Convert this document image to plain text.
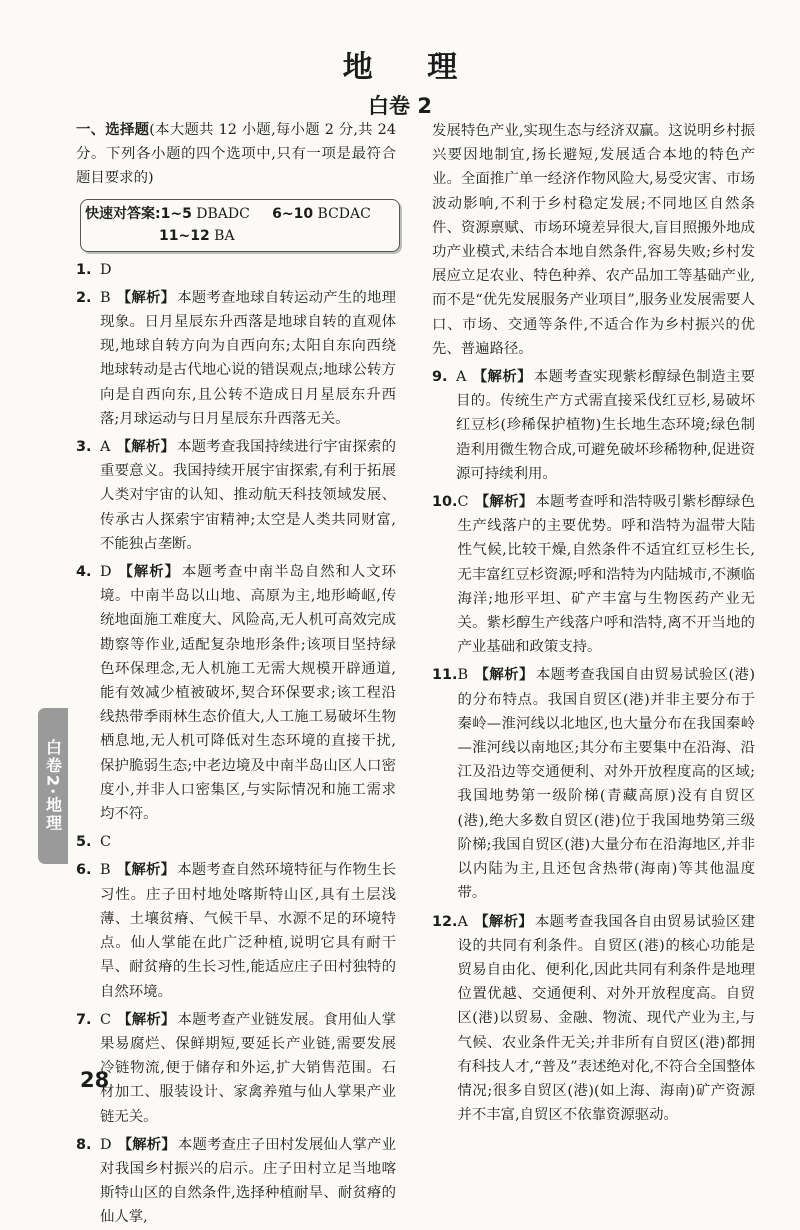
地 理
白卷 2
一、选择题(本大题共 12 小题,每小题 2 分,共 24 分。下列各小题的四个选项中,只有一项是最符合题目要求的)
快速对答案:1~5 DBADC 6~10 BCDAC
11~12 BA
1. D
2. B 【解析】 本题考查地球自转运动产生的地理现象。日月星辰东升西落是地球自转的直观体现,地球自转方向为自西向东;太阳自东向西绕地球转动是古代地心说的错误观点;地球公转方向是自西向东,且公转不造成日月星辰东升西落;月球运动与日月星辰东升西落无关。
3. A 【解析】 本题考查我国持续进行宇宙探索的重要意义。我国持续开展宇宙探索,有利于拓展人类对宇宙的认知、推动航天科技领域发展、传承古人探索宇宙精神;太空是人类共同财富,不能独占垄断。
4. D 【解析】 本题考查中南半岛自然和人文环境。中南半岛以山地、高原为主,地形崎岖,传统地面施工难度大、风险高,无人机可高效完成勘察等作业,适配复杂地形条件;该项目坚持绿色环保理念,无人机施工无需大规模开辟通道,能有效减少植被破坏,契合环保要求;该工程沿线热带季雨林生态价值大,人工施工易破坏生物栖息地,无人机可降低对生态环境的直接干扰,保护脆弱生态;中老边境及中南半岛山区人口密度小,并非人口密集区,与实际情况和施工需求均不符。
5. C
6. B 【解析】 本题考查自然环境特征与作物生长习性。庄子田村地处喀斯特山区,具有土层浅薄、土壤贫瘠、气候干旱、水源不足的环境特点。仙人掌能在此广泛种植,说明它具有耐干旱、耐贫瘠的生长习性,能适应庄子田村独特的自然环境。
7. C 【解析】 本题考查产业链发展。食用仙人掌果易腐烂、保鲜期短,要延长产业链,需要发展冷链物流,便于储存和外运,扩大销售范围。石材加工、服装设计、家禽养殖与仙人掌果产业链无关。
8. D 【解析】 本题考查庄子田村发展仙人掌产业对我国乡村振兴的启示。庄子田村立足当地喀斯特山区的自然条件,选择种植耐旱、耐贫瘠的仙人掌,
发展特色产业,实现生态与经济双赢。这说明乡村振兴要因地制宜,扬长避短,发展适合本地的特色产业。全面推广单一经济作物风险大,易受灾害、市场波动影响,不利于乡村稳定发展;不同地区自然条件、资源禀赋、市场环境差异很大,盲目照搬外地成功产业模式,未结合本地自然条件,容易失败;乡村发展应立足农业、特色种养、农产品加工等基础产业,而不是“优先发展服务产业项目”,服务业发展需要人口、市场、交通等条件,不适合作为乡村振兴的优先、普遍路径。
9. A 【解析】 本题考查实现紫杉醇绿色制造主要目的。传统生产方式需直接采伐红豆杉,易破坏红豆杉(珍稀保护植物)生长地生态环境;绿色制造利用微生物合成,可避免破坏珍稀物种,促进资源可持续利用。
10. C 【解析】 本题考查呼和浩特吸引紫杉醇绿色生产线落户的主要优势。呼和浩特为温带大陆性气候,比较干燥,自然条件不适宜红豆杉生长,无丰富红豆杉资源;呼和浩特为内陆城市,不濒临海洋;地形平坦、矿产丰富与生物医药产业无关。紫杉醇生产线落户呼和浩特,离不开当地的产业基础和政策支持。
11. B 【解析】 本题考查我国自由贸易试验区(港)的分布特点。我国自贸区(港)并非主要分布于秦岭—淮河线以北地区,也大量分布在我国秦岭—淮河线以南地区;其分布主要集中在沿海、沿江及沿边等交通便利、对外开放程度高的区域;我国地势第一级阶梯(青藏高原)没有自贸区(港),绝大多数自贸区(港)位于我国地势第三级阶梯;我国自贸区(港)大量分布在沿海地区,并非以内陆为主,且还包含热带(海南)等其他温度带。
12. A 【解析】 本题考查我国各自由贸易试验区建设的共同有利条件。自贸区(港)的核心功能是贸易自由化、便利化,因此共同有利条件是地理位置优越、交通便利、对外开放程度高。自贸区(港)以贸易、金融、物流、现代产业为主,与气候、农业条件无关;并非所有自贸区(港)都拥有科技人才,“普及”表述绝对化,不符合全国整体情况;很多自贸区(港)(如上海、海南)矿产资源并不丰富,自贸区不依靠资源驱动。
白卷2·地理
28
